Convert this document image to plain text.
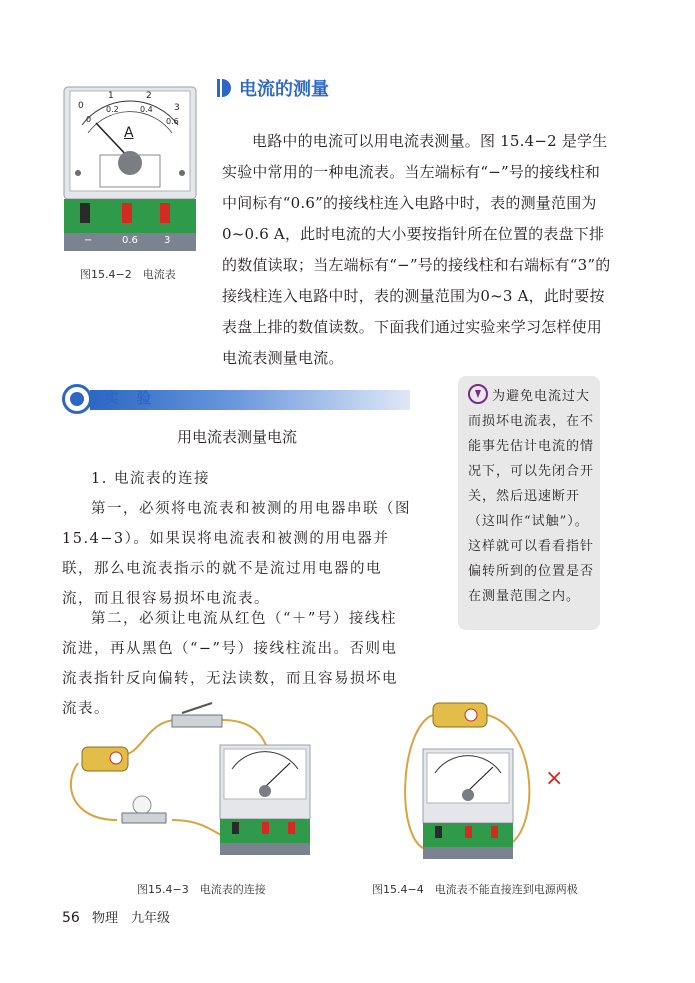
0
1	2
3
0
0.2	0.4
0.6
A
−	0.6	3
图15.4−2　电流表
电流的测量
电路中的电流可以用电流表测量。图 15.4−2 是学生实验中常用的一种电流表。当左端标有“−”号的接线柱和中间标有“0.6”的接线柱连入电路中时，表的测量范围为0~0.6 A，此时电流的大小要按指针所在位置的表盘下排的数值读取；当左端标有“−”号的接线柱和右端标有“3”的接线柱连入电路中时，表的测量范围为0~3 A，此时要按表盘上排的数值读数。下面我们通过实验来学习怎样使用电流表测量电流。
实 验
用电流表测量电流
1. 电流表的连接
第一，必须将电流表和被测的用电器串联（图 15.4−3）。如果误将电流表和被测的用电器并联，那么电流表指示的就不是流过用电器的电流，而且很容易损坏电流表。
第二，必须让电流从红色（“＋”号）接线柱流进，再从黑色（“−”号）接线柱流出。否则电流表指针反向偏转，无法读数，而且容易损坏电流表。
为避免电流过大而损坏电流表，在不能事先估计电流的情况下，可以先闭合开关，然后迅速断开（这叫作“试触”）。这样就可以看看指针偏转所到的位置是否在测量范围之内。
图15.4−3　电流表的连接
×
图15.4−4　电流表不能直接连到电源两极
56 物理　九年级
